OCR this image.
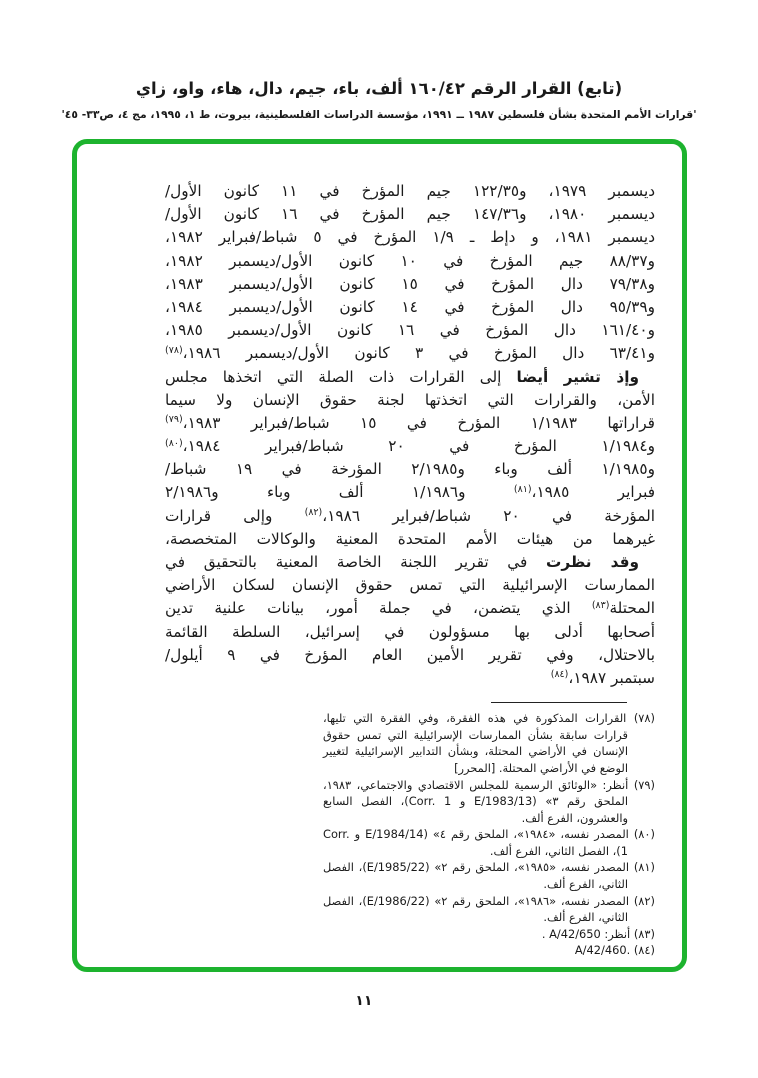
(تابع) القرار الرقم ١٦٠/٤٢ ألف، باء، جيم، دال، هاء، واو، زاي
'قرارات الأمم المتحدة بشأن فلسطين ١٩٨٧ ــ ١٩٩١، مؤسسة الدراسات الفلسطينية، بيروت، ط ١، ١٩٩٥، مج ٤، ص٣٣- ٤٥'
ديسمبر ١٩٧٩، و١٢٢/٣٥ جيم المؤرخ في ١١ كانون الأول/
ديسمبر ١٩٨٠، و١٤٧/٣٦ جيم المؤرخ في ١٦ كانون الأول/
ديسمبر ١٩٨١، و دإط ـ ١/٩ المؤرخ في ٥ شباط/فبراير ١٩٨٢،
و٨٨/٣٧ جيم المؤرخ في ١٠ كانون الأول/ديسمبر ١٩٨٢،
و٧٩/٣٨ دال المؤرخ في ١٥ كانون الأول/ديسمبر ١٩٨٣،
و٩٥/٣٩ دال المؤرخ في ١٤ كانون الأول/ديسمبر ١٩٨٤،
و١٦١/٤٠ دال المؤرخ في ١٦ كانون الأول/ديسمبر ١٩٨٥،
و٦٣/٤١ دال المؤرخ في ٣ كانون الأول/ديسمبر ١٩٨٦،$^{(٧٨)}$
وإذ تشير أيضا إلى القرارات ذات الصلة التي اتخذها مجلس
الأمن، والقرارات التي اتخذتها لجنة حقوق الإنسان ولا سيما
قراراتها ١/١٩٨٣ المؤرخ في ١٥ شباط/فبراير ١٩٨٣،$^{(٧٩)}$
و١/١٩٨٤ المؤرخ في ٢٠ شباط/فبراير ١٩٨٤،$^{(٨٠)}$
و١/١٩٨٥ ألف وباء و٢/١٩٨٥ المؤرخة في ١٩ شباط/
فبراير ١٩٨٥،$^{(٨١)}$ و١/١٩٨٦ ألف وباء و٢/١٩٨٦
المؤرخة في ٢٠ شباط/فبراير ١٩٨٦،$^{(٨٢)}$ وإلى قرارات
غيرهما من هيئات الأمم المتحدة المعنية والوكالات المتخصصة،
وقد نظرت في تقرير اللجنة الخاصة المعنية بالتحقيق في
الممارسات الإسرائيلية التي تمس حقوق الإنسان لسكان الأراضي
المحتلة$^{(٨٣)}$ الذي يتضمن، في جملة أمور، بيانات علنية تدين
أصحابها أدلى بها مسؤولون في إسرائيل، السلطة القائمة
بالاحتلال، وفي تقرير الأمين العام المؤرخ في ٩ أيلول/
سبتمبر ١٩٨٧،$^{(٨٤)}$
(٧٨) القرارات المذكورة في هذه الفقرة، وفي الفقرة التي تليها، قرارات سابقة بشأن الممارسات الإسرائيلية التي تمس حقوق الإنسان في الأراضي المحتلة، وبشأن التدابير الإسرائيلية لتغيير الوضع في الأراضي المحتلة. [المحرر]
(٧٩) أنظر: «الوثائق الرسمية للمجلس الاقتصادي والاجتماعي، ١٩٨٣، الملحق رقم ٣» (E/1983/13 و Corr. 1)، الفصل السابع والعشرون، الفرع ألف.
(٨٠) المصدر نفسه، «١٩٨٤»، الملحق رقم ٤» (E/1984/14 و Corr. 1)، الفصل الثاني، الفرع ألف.
(٨١) المصدر نفسه، «١٩٨٥»، الملحق رقم ٢» (E/1985/22)، الفصل الثاني، الفرع ألف.
(٨٢) المصدر نفسه، «١٩٨٦»، الملحق رقم ٢» (E/1986/22)، الفصل الثاني، الفرع ألف.
(٨٣) أنظر: A/42/650 .
(٨٤) A/42/460.‎
١١
